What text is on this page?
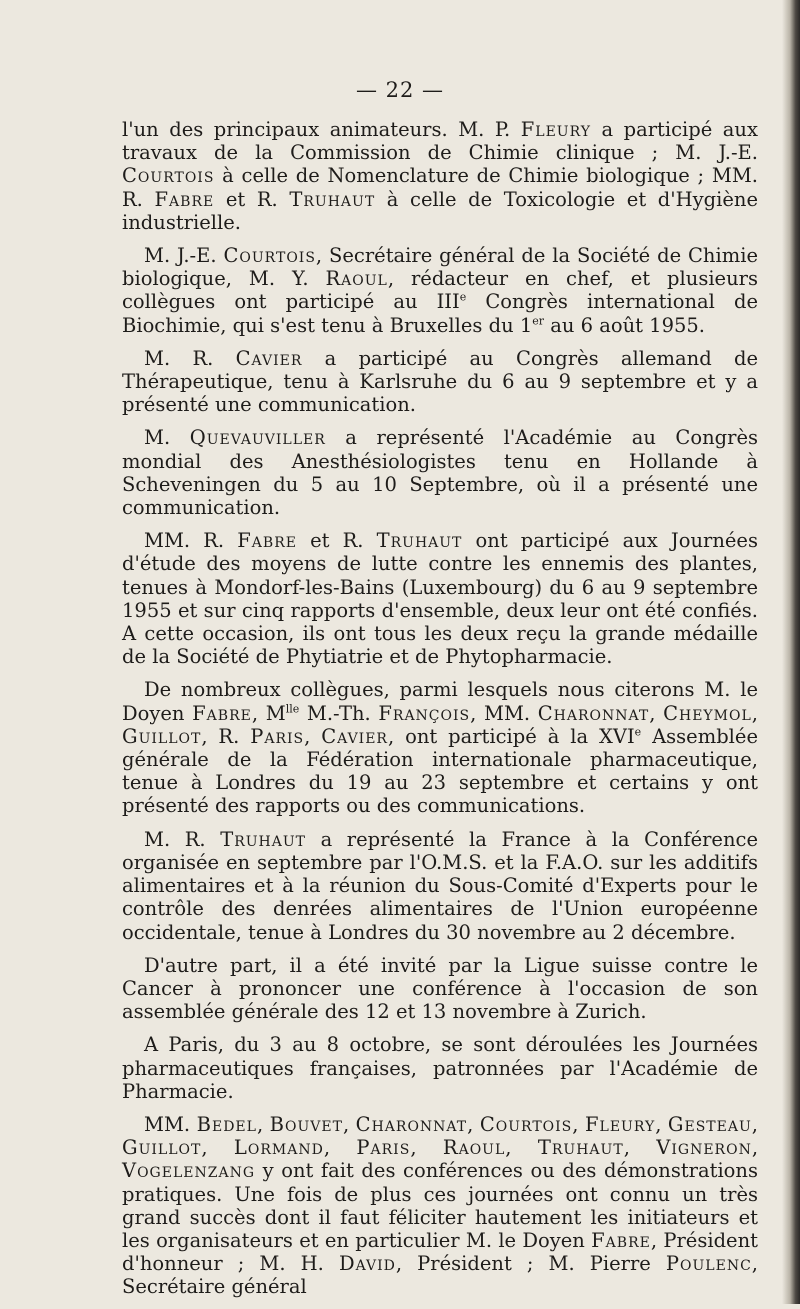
— 22 —

l'un des principaux animateurs. M. P. Fleury a participé aux travaux de la Commission de Chimie clinique ; M. J.-E. Courtois à celle de Nomenclature de Chimie biologique ; MM. R. Fabre et R. Truhaut à celle de Toxicologie et d'Hygiène industrielle.

M. J.-E. Courtois, Secrétaire général de la Société de Chimie biologique, M. Y. Raoul, rédacteur en chef, et plusieurs collègues ont participé au IIIe Congrès international de Biochimie, qui s'est tenu à Bruxelles du 1er au 6 août 1955.

M. R. Cavier a participé au Congrès allemand de Thérapeutique, tenu à Karlsruhe du 6 au 9 septembre et y a présenté une communication.

M. Quevauviller a représenté l'Académie au Congrès mondial des Anesthésiologistes tenu en Hollande à Scheveningen du 5 au 10 Septembre, où il a présenté une communication.

MM. R. Fabre et R. Truhaut ont participé aux Journées d'étude des moyens de lutte contre les ennemis des plantes, tenues à Mondorf-les-Bains (Luxembourg) du 6 au 9 septembre 1955 et sur cinq rapports d'ensemble, deux leur ont été confiés. A cette occasion, ils ont tous les deux reçu la grande médaille de la Société de Phytiatrie et de Phytopharmacie.

De nombreux collègues, parmi lesquels nous citerons M. le Doyen Fabre, $M^{lle}$ M.-Th. François, MM. Charonnat, Cheymol, Guillot, R. Paris, Cavier, ont participé à la XVIe Assemblée générale de la Fédération internationale pharmaceutique, tenue à Londres du 19 au 23 septembre et certains y ont présenté des rapports ou des communications.

M. R. Truhaut a représenté la France à la Conférence organisée en septembre par l'O.M.S. et la F.A.O. sur les additifs alimentaires et à la réunion du Sous-Comité d'Experts pour le contrôle des denrées alimentaires de l'Union européenne occidentale, tenue à Londres du 30 novembre au 2 décembre.

D'autre part, il a été invité par la Ligue suisse contre le Cancer à prononcer une conférence à l'occasion de son assemblée générale des 12 et 13 novembre à Zurich.

A Paris, du 3 au 8 octobre, se sont déroulées les Journées pharmaceutiques françaises, patronnées par l'Académie de Pharmacie.

MM. Bedel, Bouvet, Charonnat, Courtois, Fleury, Gesteau, Guillot, Lormand, Paris, Raoul, Truhaut, Vigneron, Vogelenzang y ont fait des conférences ou des démonstrations pratiques. Une fois de plus ces journées ont connu un très grand succès dont il faut féliciter hautement les initiateurs et les organisateurs et en particulier M. le Doyen Fabre, Président d'honneur ; M. H. David, Président ; M. Pierre Poulenc, Secrétaire général
